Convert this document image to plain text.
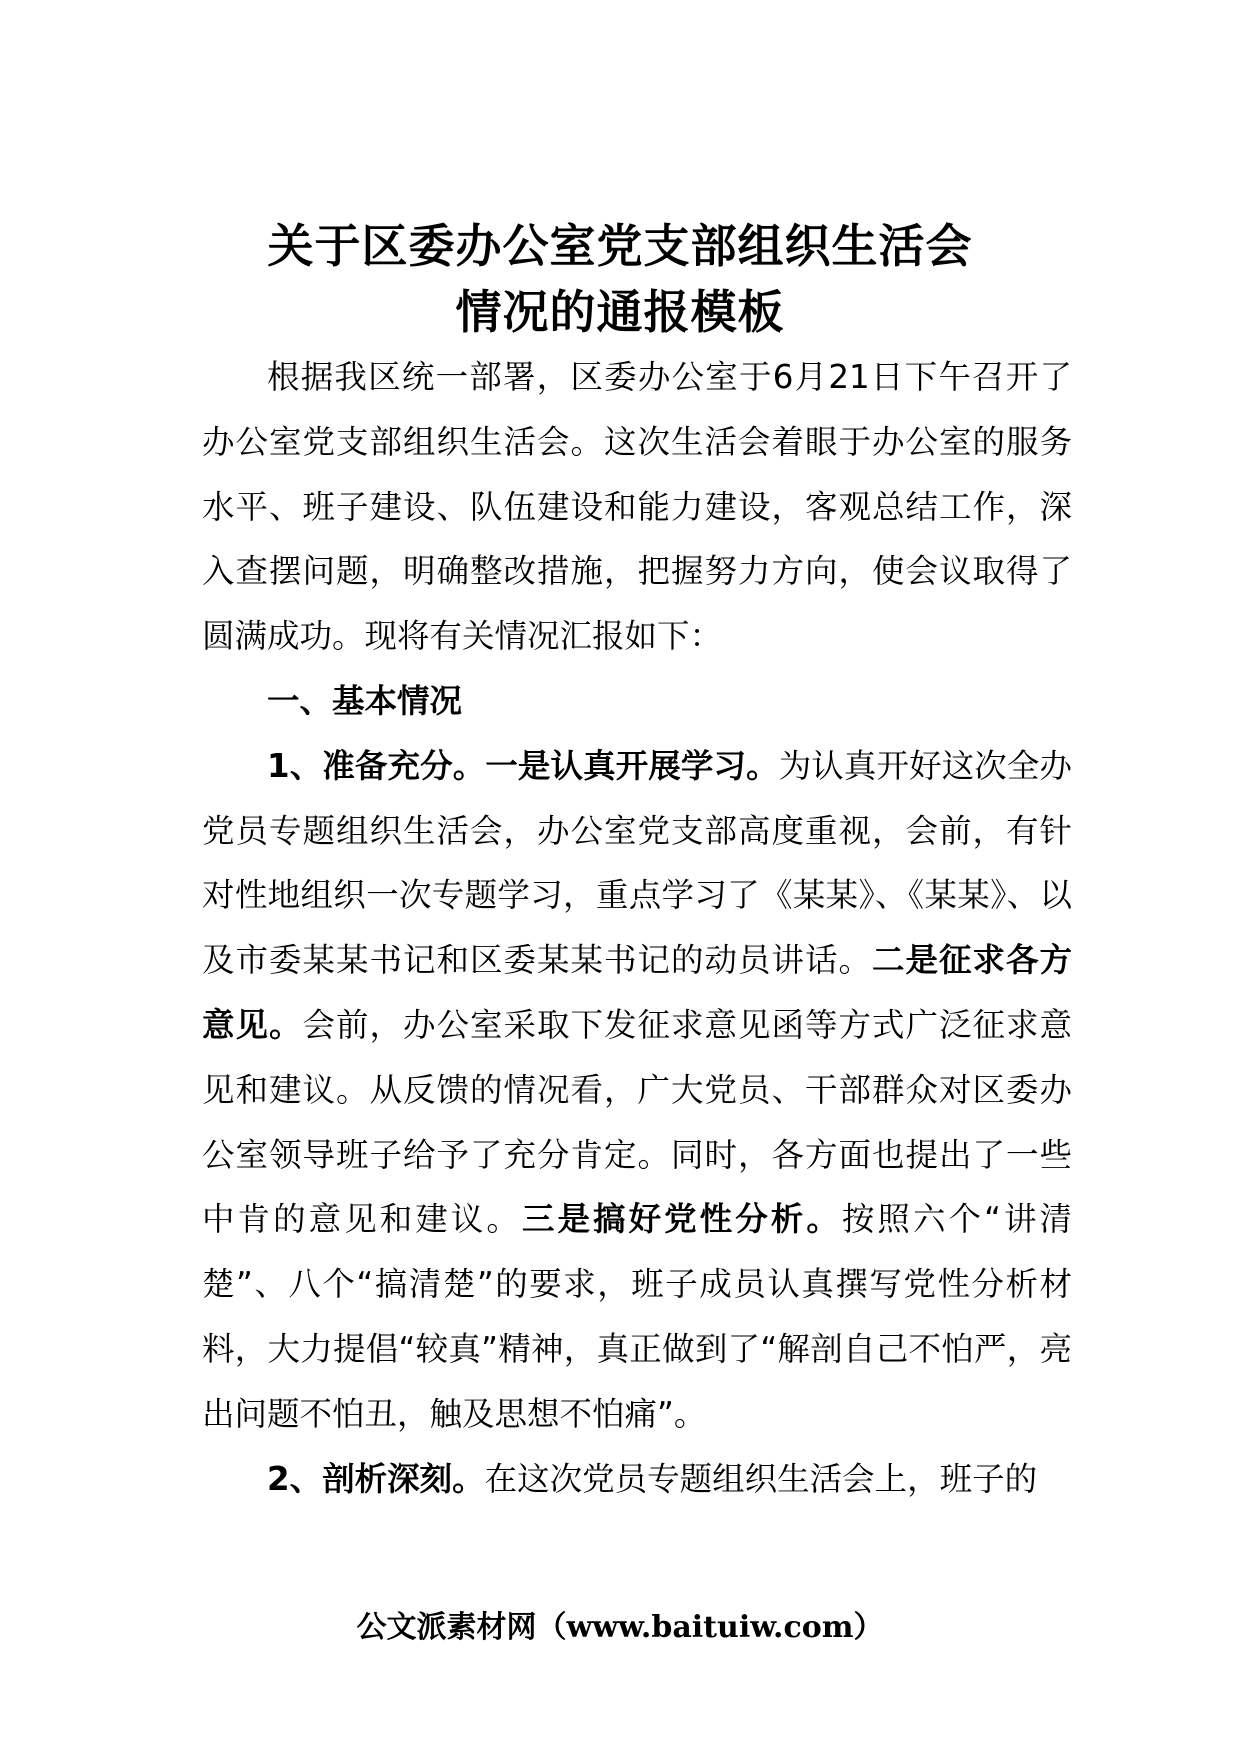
关于区委办公室党支部组织生活会
情况的通报模板

根据我区统一部署，区委办公室于6月21日下午召开了办公室党支部组织生活会。这次生活会着眼于办公室的服务水平、班子建设、队伍建设和能力建设，客观总结工作，深入查摆问题，明确整改措施，把握努力方向，使会议取得了圆满成功。现将有关情况汇报如下：

一、基本情况

1、准备充分。一是认真开展学习。为认真开好这次全办党员专题组织生活会，办公室党支部高度重视，会前，有针对性地组织一次专题学习，重点学习了《某某》、《某某》、以及市委某某书记和区委某某书记的动员讲话。二是征求各方意见。会前，办公室采取下发征求意见函等方式广泛征求意见和建议。从反馈的情况看，广大党员、干部群众对区委办公室领导班子给予了充分肯定。同时，各方面也提出了一些中肯的意见和建议。三是搞好党性分析。按照六个“讲清楚”、八个“搞清楚”的要求，班子成员认真撰写党性分析材料，大力提倡“较真”精神，真正做到了“解剖自己不怕严，亮出问题不怕丑，触及思想不怕痛”。

2、剖析深刻。在这次党员专题组织生活会上，班子的

公文派素材网（www.baituiw.com）
